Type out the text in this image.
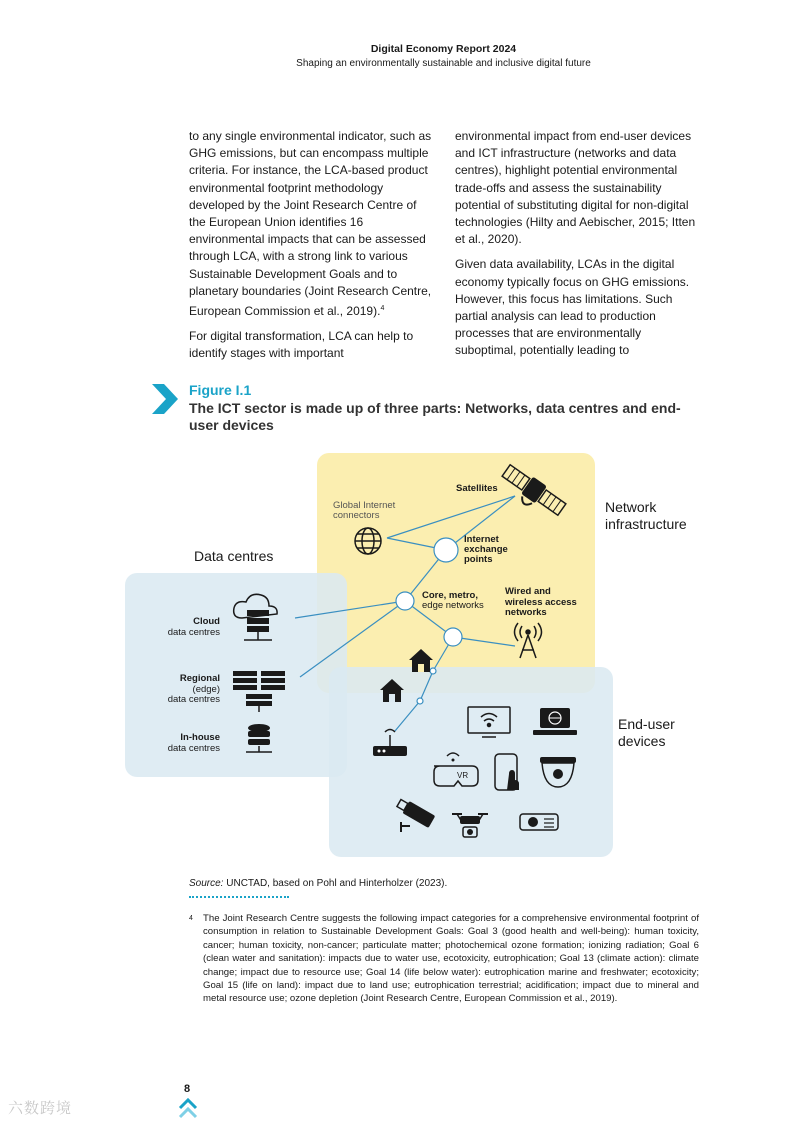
Digital Economy Report 2024
Shaping an environmentally sustainable and inclusive digital future

to any single environmental indicator, such as GHG emissions, but can encompass multiple criteria. For instance, the LCA-based product environmental footprint methodology developed by the Joint Research Centre of the European Union identifies 16 environmental impacts that can be assessed through LCA, with a strong link to various Sustainable Development Goals and to planetary boundaries (Joint Research Centre, European Commission et al., 2019).$^4$

For digital transformation, LCA can help to identify stages with important

environmental impact from end-user devices and ICT infrastructure (networks and data centres), highlight potential environmental trade-offs and assess the sustainability potential of substituting digital for non-digital technologies (Hilty and Aebischer, 2015; Itten et al., 2020).

Given data availability, LCAs in the digital economy typically focus on GHG emissions. However, this focus has limitations. Such partial analysis can lead to production processes that are environmentally suboptimal, potentially leading to

Figure I.1
The ICT sector is made up of three parts: Networks, data centres and end-user devices
Data centres
Network
infrastructure
End-user
devices
Satellites
Global Internet
connectors
Internet
exchange
points
Core, metro,
edge networks
Wired and
wireless access
networks
Cloud
data centres
Regional
(edge)
data centres
In-house
data centres
VR
Source: UNCTAD, based on Pohl and Hinterholzer (2023).
4 The Joint Research Centre suggests the following impact categories for a comprehensive environmental footprint of consumption in relation to Sustainable Development Goals: Goal 3 (good health and well-being): human toxicity, cancer; human toxicity, non-cancer; particulate matter; photochemical ozone formation; ionizing radiation; Goal 6 (clean water and sanitation): impacts due to water use, ecotoxicity, eutrophication; Goal 13 (climate action): climate change; impact due to resource use; Goal 14 (life below water): eutrophication marine and freshwater; ecotoxicity; Goal 15 (life on land): impact due to land use; eutrophication terrestrial; acidification; impact due to mineral and metal resource use; ozone depletion (Joint Research Centre, European Commission et al., 2019).
8
六数跨境
